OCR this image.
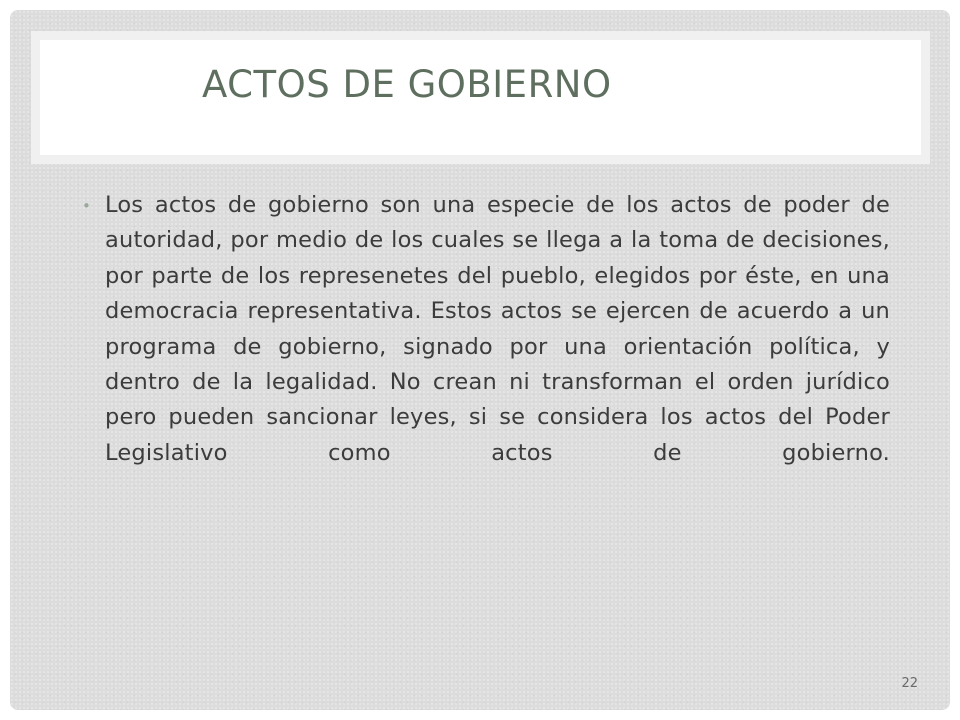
ACTOS DE GOBIERNO
• Los actos de gobierno son una especie de los actos de poder de autoridad, por medio de los cuales se llega a la toma de decisiones, por parte de los represenetes del pueblo, elegidos por éste, en una democracia representativa. Estos actos se ejercen de acuerdo a un programa de gobierno, signado por una orientación política, y dentro de la legalidad. No crean ni transforman el orden jurídico pero pueden sancionar leyes, si se considera los actos del Poder Legislativo como actos de gobierno.

22
